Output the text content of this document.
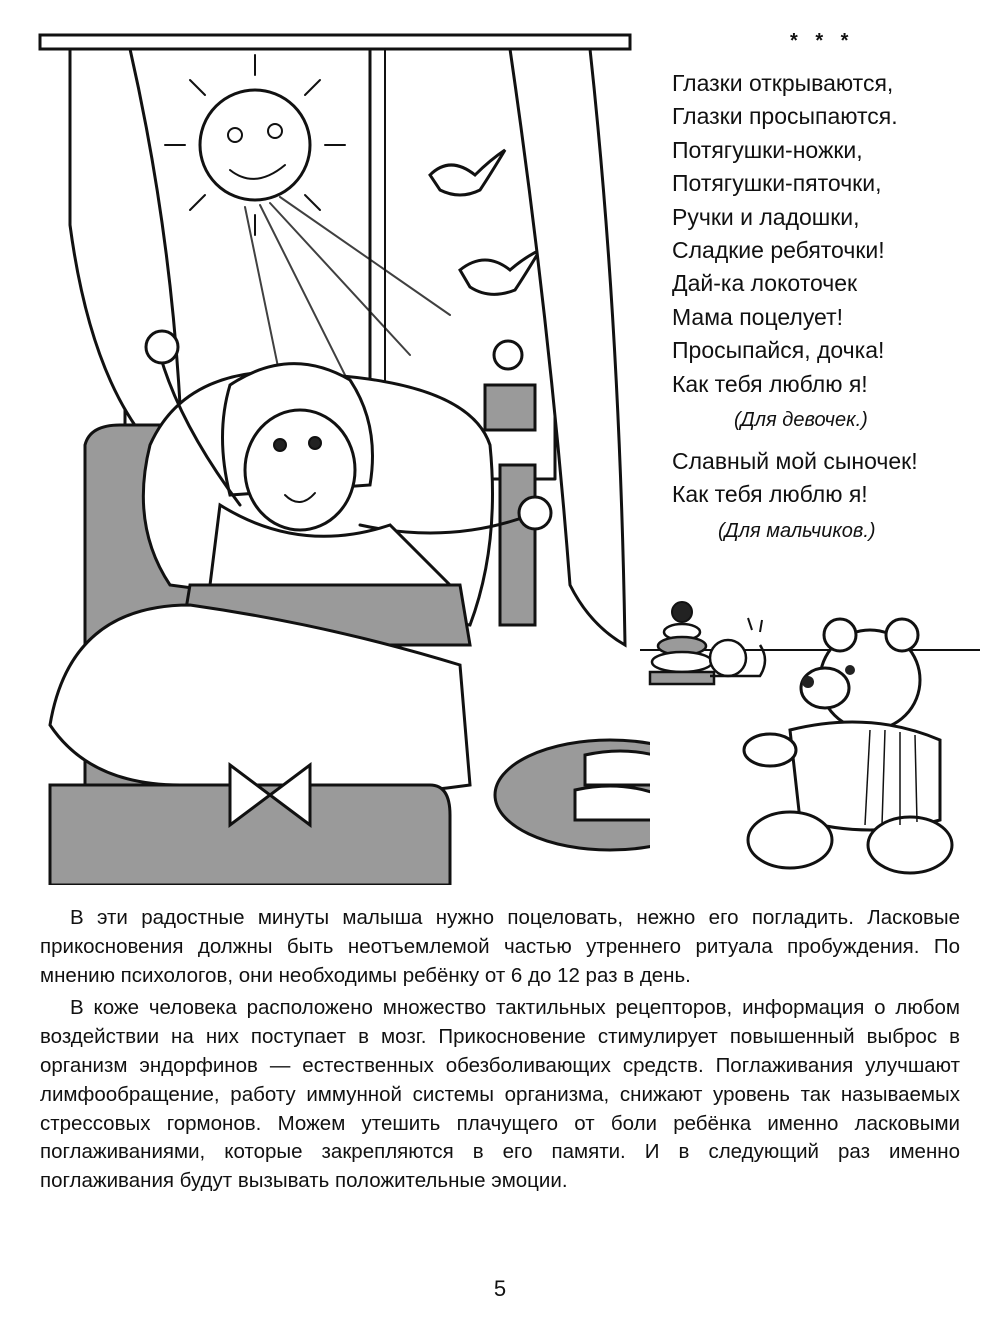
* * *
Глазки открываются,
Глазки просыпаются.
Потягушки-ножки,
Потягушки-пяточки,
Ручки и ладошки,
Сладкие ребяточки!
Дай-ка локоточек
Мама поцелует!
Просыпайся, дочка!
Как тебя люблю я!
(Для девочек.)
Славный мой сыночек!
Как тебя люблю я!
(Для мальчиков.)

В эти радостные минуты малыша нужно поцеловать, нежно его погладить. Ласковые прикосновения должны быть неотъемлемой частью утреннего ритуала пробуждения. По мнению психологов, они необходимы ребёнку от 6 до 12 раз в день.

В коже человека расположено множество тактильных рецепторов, информация о любом воздействии на них поступает в мозг. Прикосновение стимулирует повышенный выброс в организм эндорфинов — естественных обезболивающих средств. Поглаживания улучшают лимфообращение, работу иммунной системы организма, снижают уровень так называемых стрессовых гормонов. Можем утешить плачущего от боли ребёнка именно ласковыми поглаживаниями, которые закрепляются в его памяти. И в следующий раз именно поглаживания будут вызывать положительные эмоции.

5
